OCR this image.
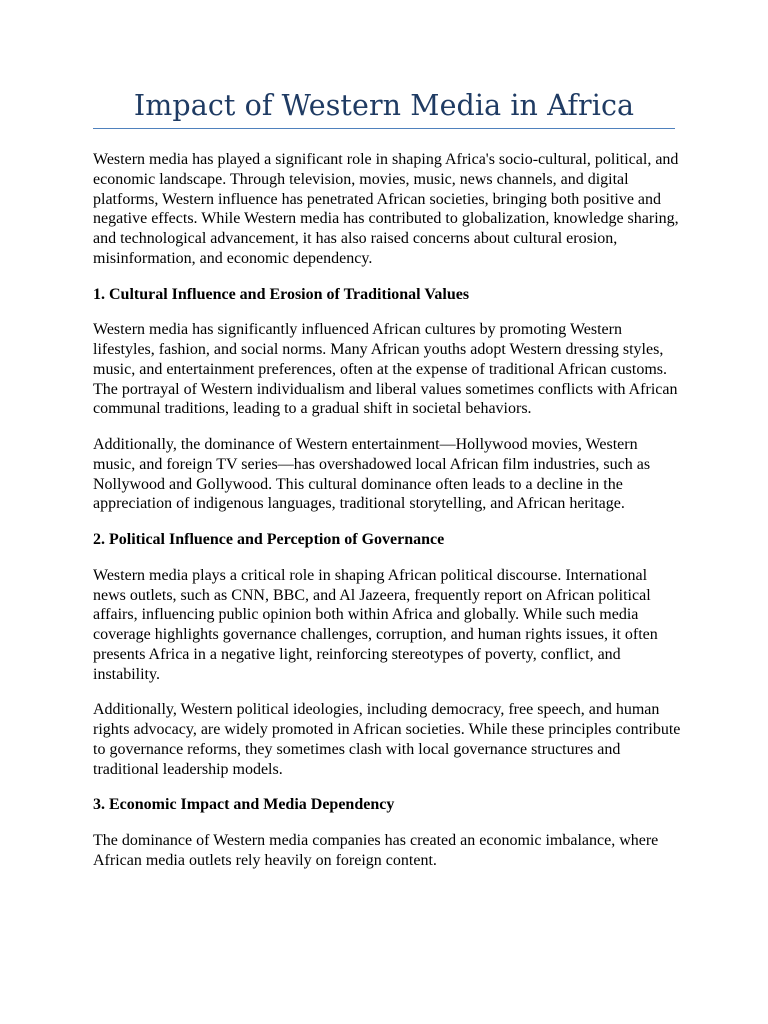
Impact of Western Media in Africa

Western media has played a significant role in shaping Africa's socio-cultural, political, and economic landscape. Through television, movies, music, news channels, and digital platforms, Western influence has penetrated African societies, bringing both positive and negative effects. While Western media has contributed to globalization, knowledge sharing, and technological advancement, it has also raised concerns about cultural erosion, misinformation, and economic dependency.

1. Cultural Influence and Erosion of Traditional Values

Western media has significantly influenced African cultures by promoting Western lifestyles, fashion, and social norms. Many African youths adopt Western dressing styles, music, and entertainment preferences, often at the expense of traditional African customs. The portrayal of Western individualism and liberal values sometimes conflicts with African communal traditions, leading to a gradual shift in societal behaviors.

Additionally, the dominance of Western entertainment—Hollywood movies, Western music, and foreign TV series—has overshadowed local African film industries, such as Nollywood and Gollywood. This cultural dominance often leads to a decline in the appreciation of indigenous languages, traditional storytelling, and African heritage.

2. Political Influence and Perception of Governance

Western media plays a critical role in shaping African political discourse. International news outlets, such as CNN, BBC, and Al Jazeera, frequently report on African political affairs, influencing public opinion both within Africa and globally. While such media coverage highlights governance challenges, corruption, and human rights issues, it often presents Africa in a negative light, reinforcing stereotypes of poverty, conflict, and instability.

Additionally, Western political ideologies, including democracy, free speech, and human rights advocacy, are widely promoted in African societies. While these principles contribute to governance reforms, they sometimes clash with local governance structures and traditional leadership models.

3. Economic Impact and Media Dependency

The dominance of Western media companies has created an economic imbalance, where African media outlets rely heavily on foreign content.
